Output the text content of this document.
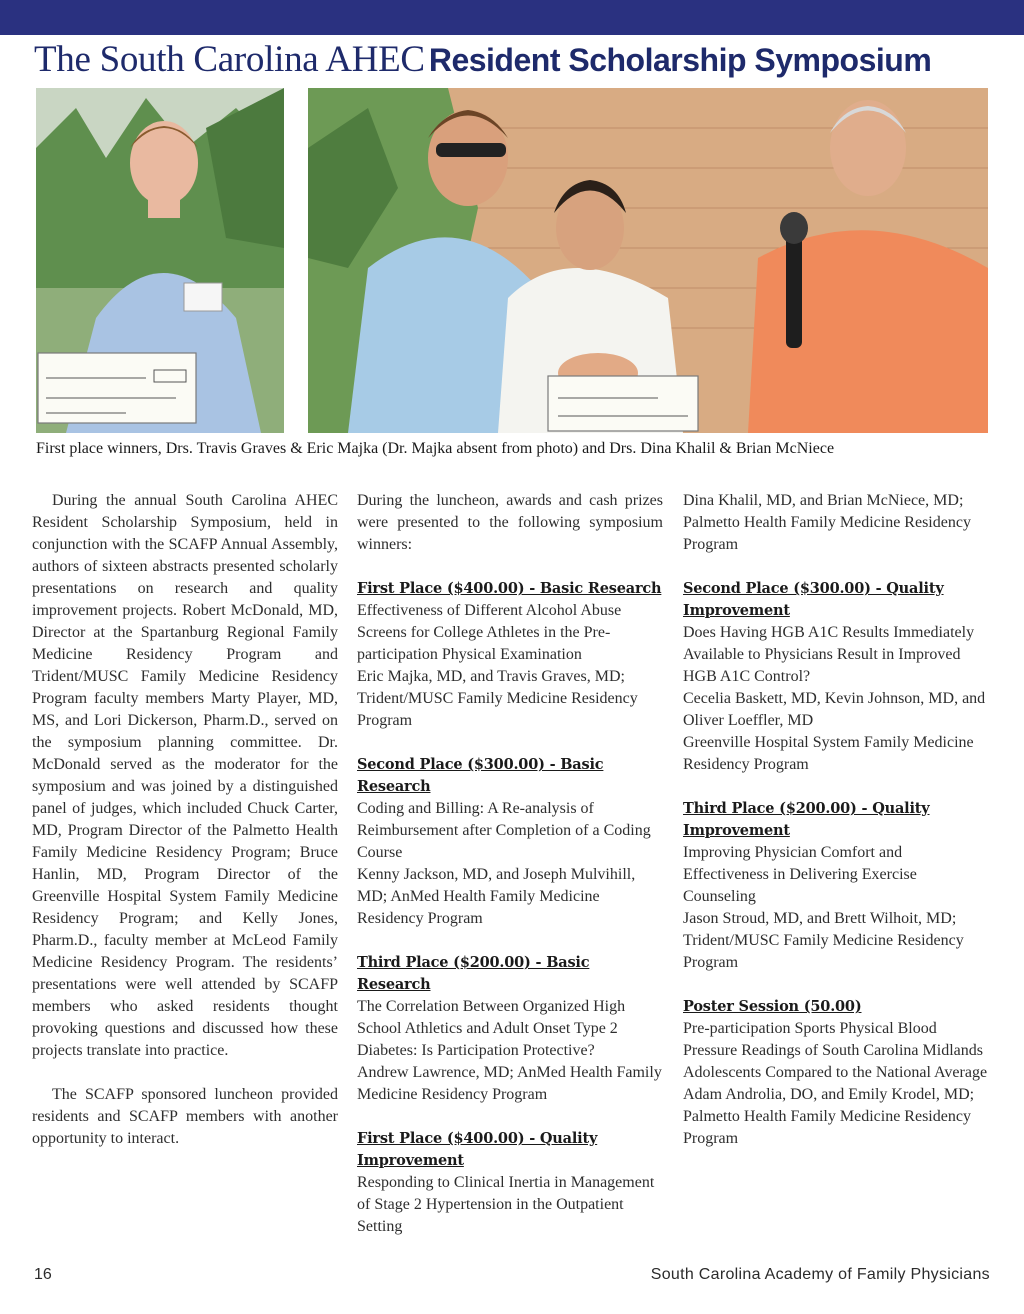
The South Carolina AHEC Resident Scholarship Symposium
First place winners, Drs. Travis Graves & Eric Majka (Dr. Majka absent from photo) and Drs. Dina Khalil & Brian McNiece

During the annual South Carolina AHEC Resident Scholarship Symposium, held in conjunction with the SCAFP Annual Assembly, authors of sixteen abstracts presented scholarly presentations on research and quality improvement projects. Robert McDonald, MD, Director at the Spartanburg Regional Family Medicine Residency Program and Trident/MUSC Family Medicine Residency Program faculty members Marty Player, MD, MS, and Lori Dickerson, Pharm.D., served on the symposium planning committee. Dr. McDonald served as the moderator for the symposium and was joined by a distinguished panel of judges, which included Chuck Carter, MD, Program Director of the Palmetto Health Family Medicine Residency Program; Bruce Hanlin, MD, Program Director of the Greenville Hospital System Family Medicine Residency Program; and Kelly Jones, Pharm.D., faculty member at McLeod Family Medicine Residency Program. The residents’ presentations were well attended by SCAFP members who asked residents thought provoking questions and discussed how these projects translate into practice.

The SCAFP sponsored luncheon provided residents and SCAFP members with another opportunity to interact.

During the luncheon, awards and cash prizes were presented to the following symposium winners:

First Place ($400.00) - Basic Research
Effectiveness of Different Alcohol Abuse Screens for College Athletes in the Pre-participation Physical Examination
Eric Majka, MD, and Travis Graves, MD; Trident/MUSC Family Medicine Residency Program
Second Place ($300.00) - Basic Research
Coding and Billing: A Re-analysis of Reimbursement after Completion of a Coding Course
Kenny Jackson, MD, and Joseph Mulvihill, MD; AnMed Health Family Medicine Residency Program
Third Place ($200.00) - Basic Research
The Correlation Between Organized High School Athletics and Adult Onset Type 2 Diabetes: Is Participation Protective?
Andrew Lawrence, MD; AnMed Health Family Medicine Residency Program
First Place ($400.00) - Quality Improvement
Responding to Clinical Inertia in Management of Stage 2 Hypertension in the Outpatient Setting
Dina Khalil, MD, and Brian McNiece, MD; Palmetto Health Family Medicine Residency Program
Second Place ($300.00) - Quality Improvement
Does Having HGB A1C Results Immediately Available to Physicians Result in Improved HGB A1C Control?
Cecelia Baskett, MD, Kevin Johnson, MD, and Oliver Loeffler, MD
Greenville Hospital System Family Medicine Residency Program
Third Place ($200.00) - Quality Improvement
Improving Physician Comfort and Effectiveness in Delivering Exercise Counseling
Jason Stroud, MD, and Brett Wilhoit, MD; Trident/MUSC Family Medicine Residency Program
Poster Session (50.00)
Pre-participation Sports Physical Blood Pressure Readings of South Carolina Midlands Adolescents Compared to the National Average
Adam Androlia, DO, and Emily Krodel, MD; Palmetto Health Family Medicine Residency Program
16	South Carolina Academy of Family Physicians
